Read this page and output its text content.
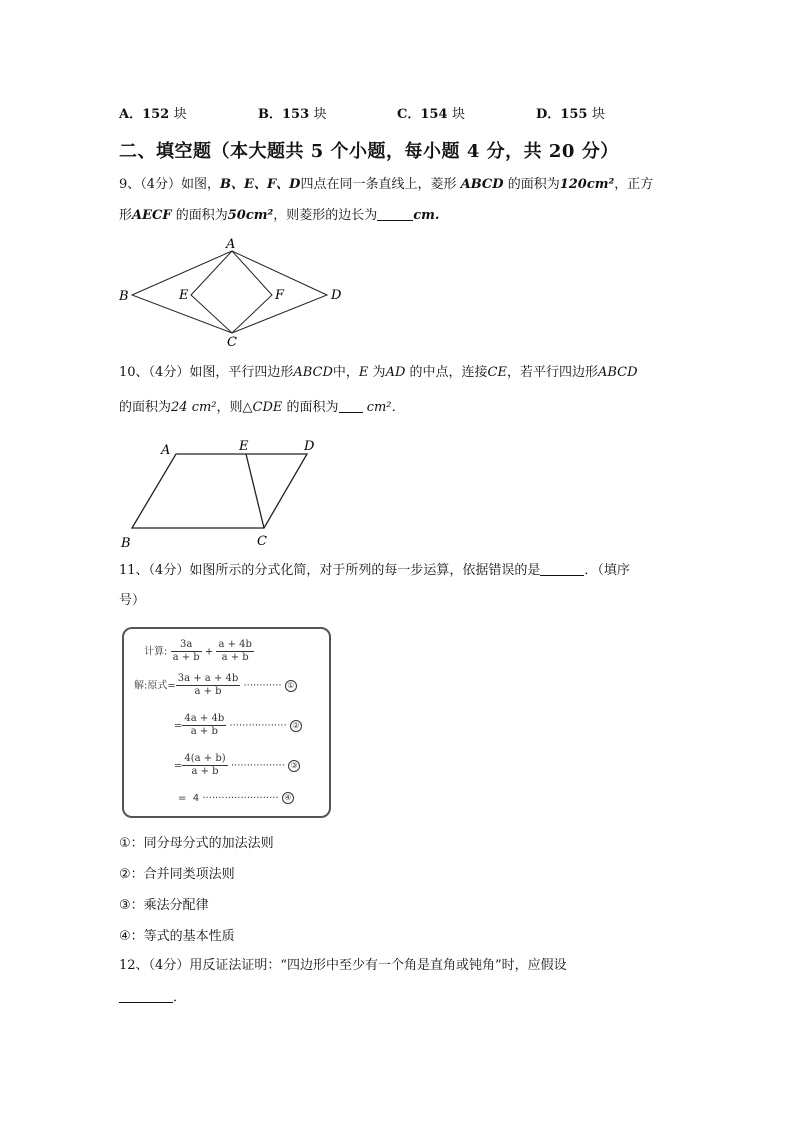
A．152 块	B．153 块	C．154 块	D．155 块
二、填空题（本大题共 5 个小题，每小题 4 分，共 20 分）
9、（4分）如图，B、E、F、D四点在同一条直线上，菱形 ABCD 的面积为120cm²，正方
形AECF 的面积为50cm²，则菱形的边长为	cm.
A
B
C
D
E	F
10、（4分）如图，平行四边形ABCD中，E 为AD 的中点，连接CE，若平行四边形ABCD
的面积为24 cm²，则△CDE 的面积为 cm²．
A
B	C
D
E
11、（4分）如图所示的分式化简，对于所列的每一步运算，依据错误的是	．（填序
号）
计算: $\frac{3a}{a + b} + \frac{a + 4b}{a + b}$
解:原式= $\frac{3a + a + 4b}{a + b}$ ············ ①
= $\frac{4a + 4b}{a + b}$ ·················· ②
= $\frac{4(a + b)}{a + b}$ ················· ③
= 4 ························ ④
①：同分母分式的加法法则
②：合并同类项法则
③：乘法分配律
④：等式的基本性质
12、（4分）用反证法证明：“四边形中至少有一个角是直角或钝角”时，应假设
．
